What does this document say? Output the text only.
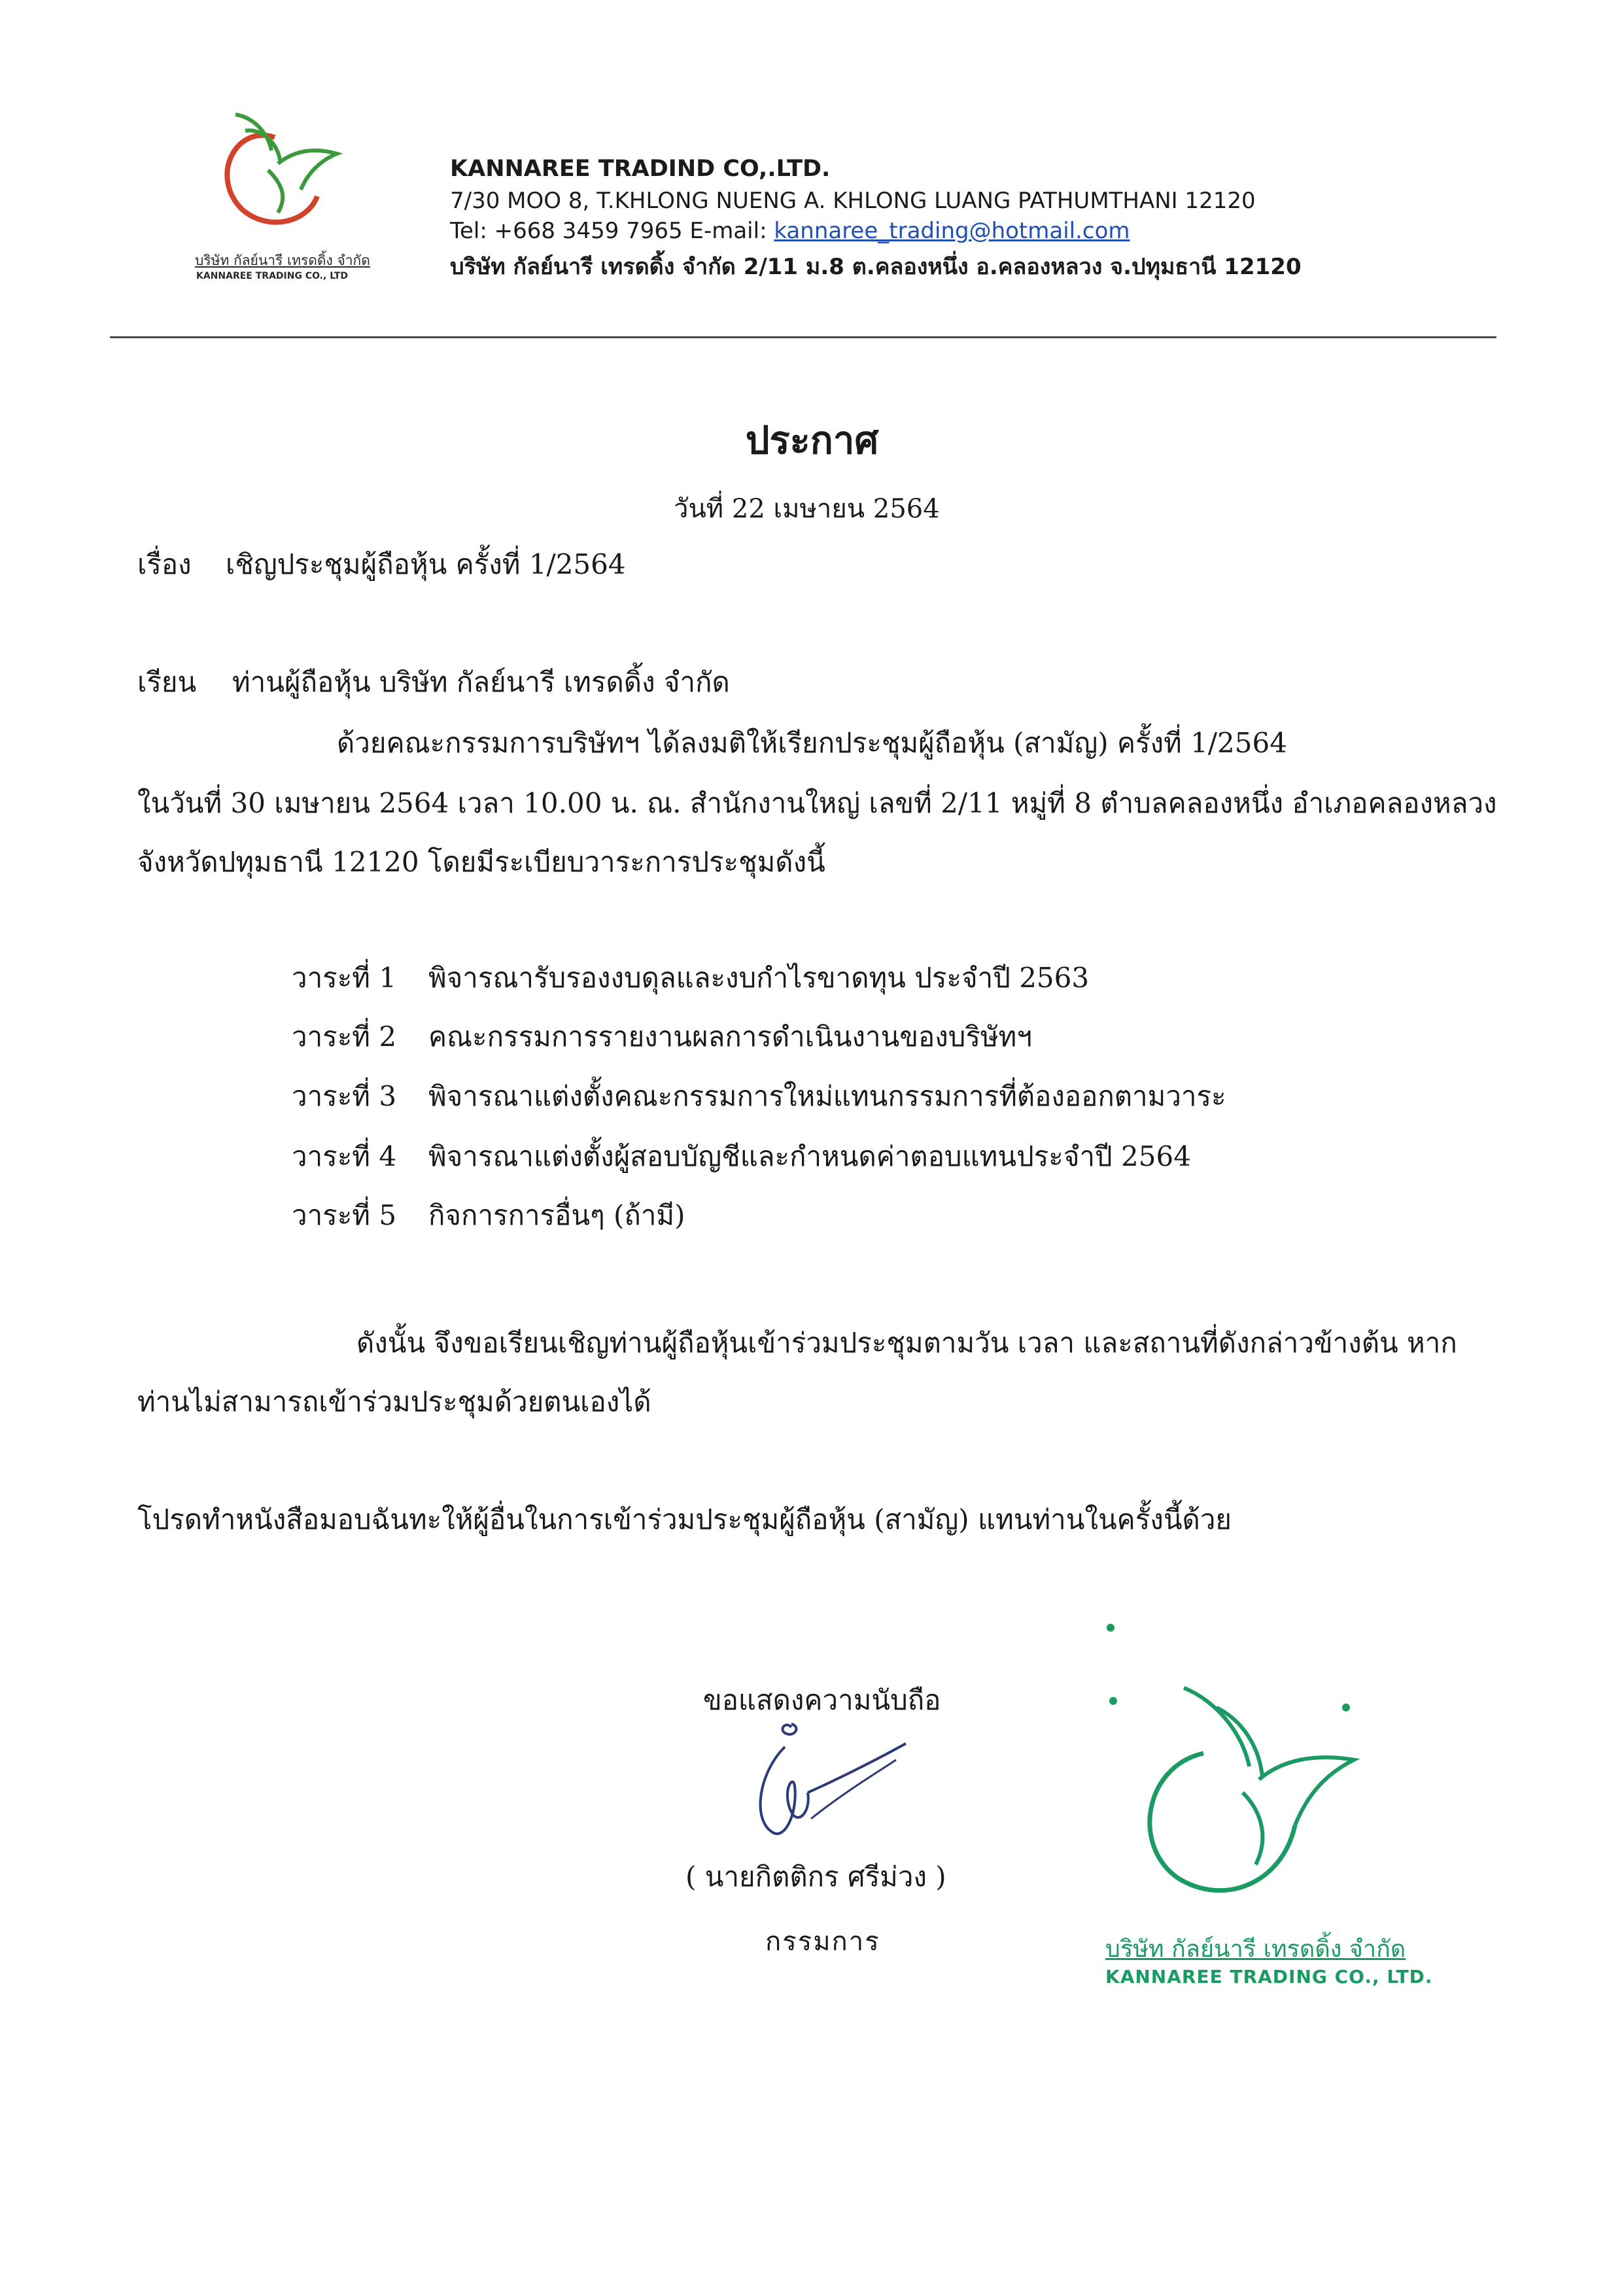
บริษัท กัลย์นารี เทรดดิ้ง จำกัด
KANNAREE TRADING CO., LTD
KANNAREE TRADIND CO,.LTD.
7/30 MOO 8, T.KHLONG NUENG A. KHLONG LUANG PATHUMTHANI 12120
Tel: +668 3459 7965 E-mail: kannaree_trading@hotmail.com
บริษัท กัลย์นารี เทรดดิ้ง จำกัด 2/11 ม.8 ต.คลองหนึ่ง อ.คลองหลวง จ.ปทุมธานี 12120
ประกาศ
วันที่ 22 เมษายน 2564
เรื่อง เชิญประชุมผู้ถือหุ้น ครั้งที่ 1/2564
เรียน ท่านผู้ถือหุ้น บริษัท กัลย์นารี เทรดดิ้ง จำกัด
ด้วยคณะกรรมการบริษัทฯ ได้ลงมติให้เรียกประชุมผู้ถือหุ้น (สามัญ) ครั้งที่ 1/2564
ในวันที่ 30 เมษายน 2564 เวลา 10.00 น. ณ. สำนักงานใหญ่ เลขที่ 2/11 หมู่ที่ 8 ตำบลคลองหนึ่ง อำเภอคลองหลวง
จังหวัดปทุมธานี 12120 โดยมีระเบียบวาระการประชุมดังนี้
วาระที่ 1 พิจารณารับรองงบดุลและงบกำไรขาดทุน ประจำปี 2563
วาระที่ 2 คณะกรรมการรายงานผลการดำเนินงานของบริษัทฯ
วาระที่ 3 พิจารณาแต่งตั้งคณะกรรมการใหม่แทนกรรมการที่ต้องออกตามวาระ
วาระที่ 4 พิจารณาแต่งตั้งผู้สอบบัญชีและกำหนดค่าตอบแทนประจำปี 2564
วาระที่ 5 กิจการการอื่นๆ (ถ้ามี)
ดังนั้น จึงขอเรียนเชิญท่านผู้ถือหุ้นเข้าร่วมประชุมตามวัน เวลา และสถานที่ดังกล่าวข้างต้น หาก
ท่านไม่สามารถเข้าร่วมประชุมด้วยตนเองได้
โปรดทำหนังสือมอบฉันทะให้ผู้อื่นในการเข้าร่วมประชุมผู้ถือหุ้น (สามัญ) แทนท่านในครั้งนี้ด้วย
ขอแสดงความนับถือ
( นายกิตติกร ศรีม่วง )
กรรมการ	บริษัท กัลย์นารี เทรดดิ้ง จำกัด
KANNAREE TRADING CO., LTD.
